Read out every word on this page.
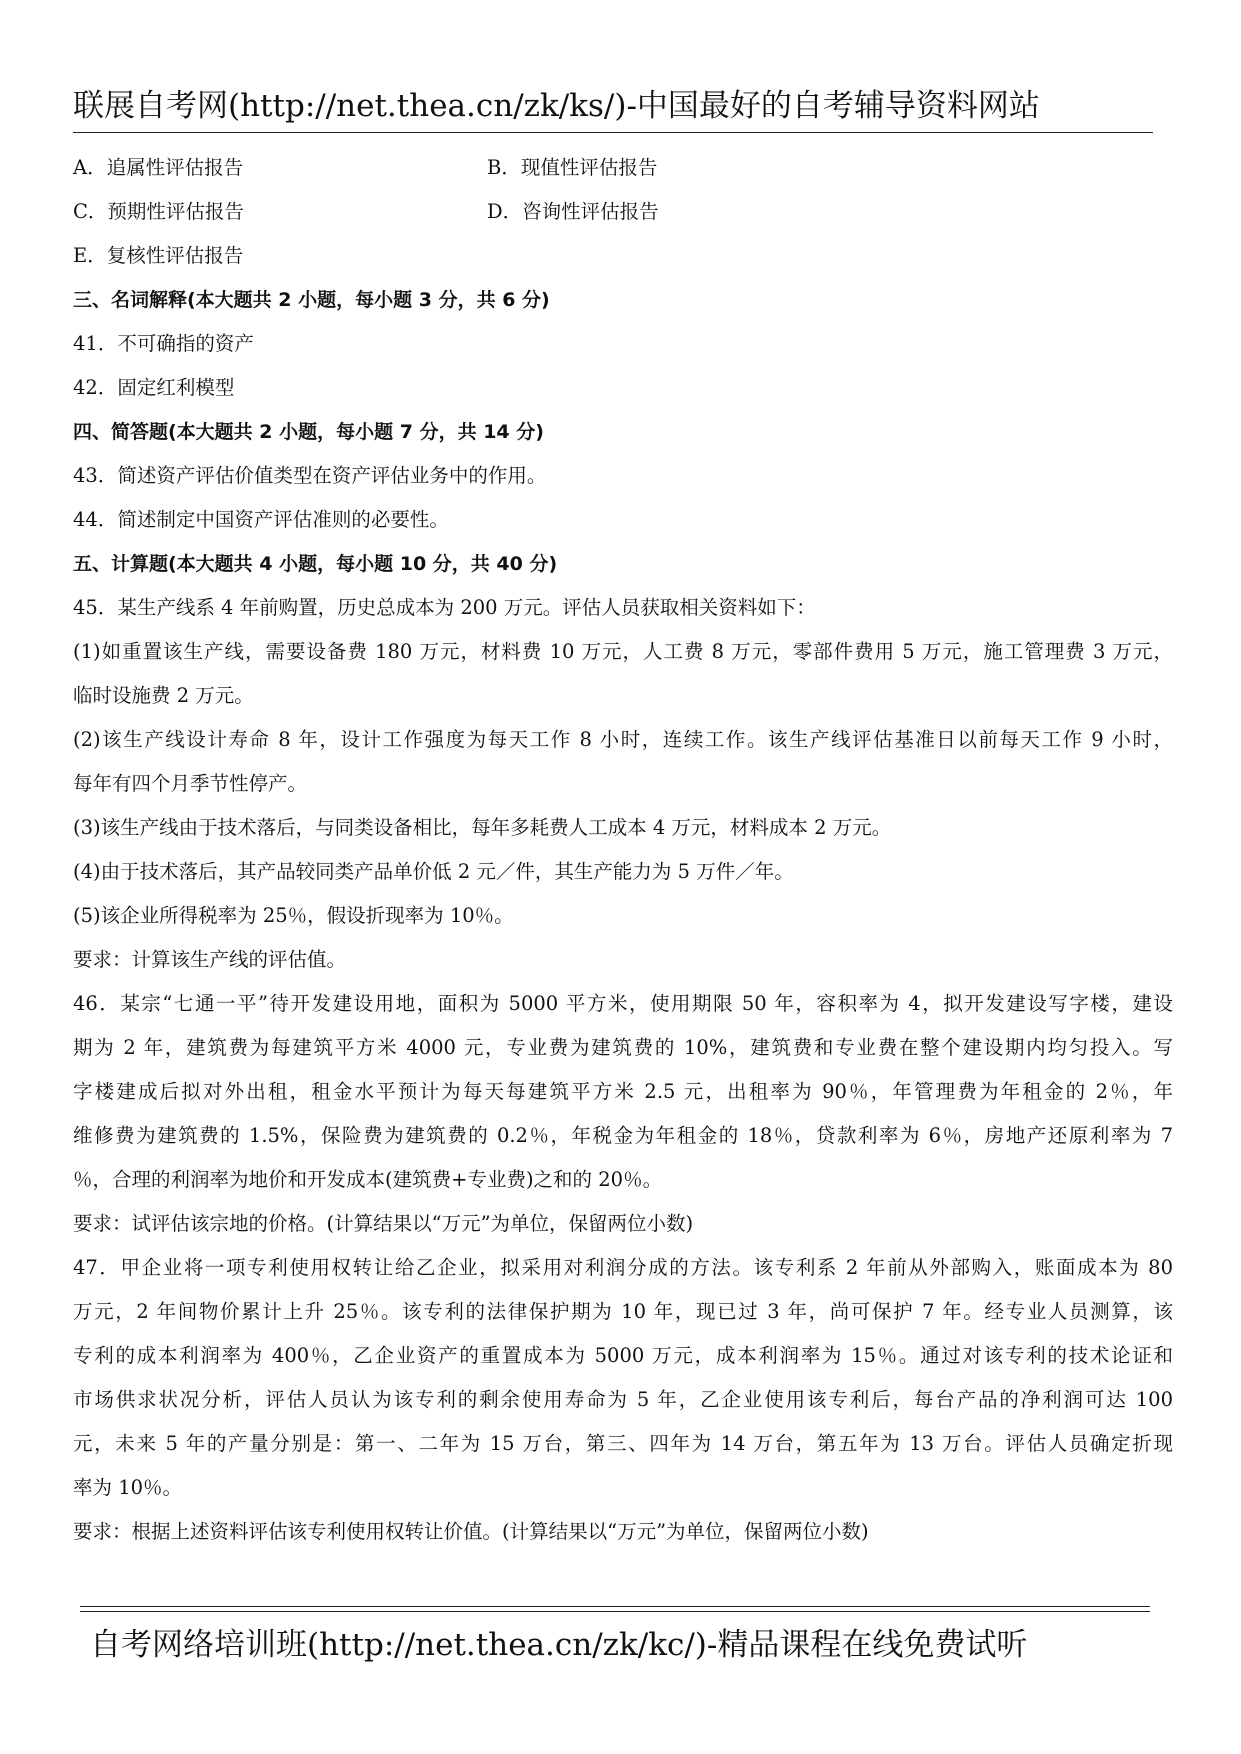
联展自考网(http://net.thea.cn/zk/ks/)-中国最好的自考辅导资料网站
A．追属性评估报告	B．现值性评估报告
C．预期性评估报告	D．咨询性评估报告
E．复核性评估报告
三、名词解释(本大题共 2 小题，每小题 3 分，共 6 分)
41．不可确指的资产
42．固定红利模型
四、简答题(本大题共 2 小题，每小题 7 分，共 14 分)
43．简述资产评估价值类型在资产评估业务中的作用。
44．简述制定中国资产评估准则的必要性。
五、计算题(本大题共 4 小题，每小题 10 分，共 40 分)
45．某生产线系 4 年前购置，历史总成本为 200 万元。评估人员获取相关资料如下：
(1)如重置该生产线，需要设备费 180 万元，材料费 10 万元，人工费 8 万元，零部件费用 5 万元，施工管理费 3 万元，
临时设施费 2 万元。
(2)该生产线设计寿命 8 年，设计工作强度为每天工作 8 小时，连续工作。该生产线评估基准日以前每天工作 9 小时，
每年有四个月季节性停产。
(3)该生产线由于技术落后，与同类设备相比，每年多耗费人工成本 4 万元，材料成本 2 万元。
(4)由于技术落后，其产品较同类产品单价低 2 元／件，其生产能力为 5 万件／年。
(5)该企业所得税率为 25％，假设折现率为 10％。
要求：计算该生产线的评估值。
46．某宗“七通一平”待开发建设用地，面积为 5000 平方米，使用期限 50 年，容积率为 4，拟开发建设写字楼，建设
期为 2 年，建筑费为每建筑平方米 4000 元，专业费为建筑费的 10%，建筑费和专业费在整个建设期内均匀投入。写
字楼建成后拟对外出租，租金水平预计为每天每建筑平方米 2.5 元，出租率为 90％，年管理费为年租金的 2％，年
维修费为建筑费的 1.5%，保险费为建筑费的 0.2％，年税金为年租金的 18％，贷款利率为 6％，房地产还原利率为 7
％，合理的利润率为地价和开发成本(建筑费+专业费)之和的 20％。
要求：试评估该宗地的价格。(计算结果以“万元”为单位，保留两位小数)
47．甲企业将一项专利使用权转让给乙企业，拟采用对利润分成的方法。该专利系 2 年前从外部购入，账面成本为 80
万元，2 年间物价累计上升 25％。该专利的法律保护期为 10 年，现已过 3 年，尚可保护 7 年。经专业人员测算，该
专利的成本利润率为 400％，乙企业资产的重置成本为 5000 万元，成本利润率为 15％。通过对该专利的技术论证和
市场供求状况分析，评估人员认为该专利的剩余使用寿命为 5 年，乙企业使用该专利后，每台产品的净利润可达 100
元，未来 5 年的产量分别是：第一、二年为 15 万台，第三、四年为 14 万台，第五年为 13 万台。评估人员确定折现
率为 10％。
要求：根据上述资料评估该专利使用权转让价值。(计算结果以“万元”为单位，保留两位小数)
自考网络培训班(http://net.thea.cn/zk/kc/)-精品课程在线免费试听
